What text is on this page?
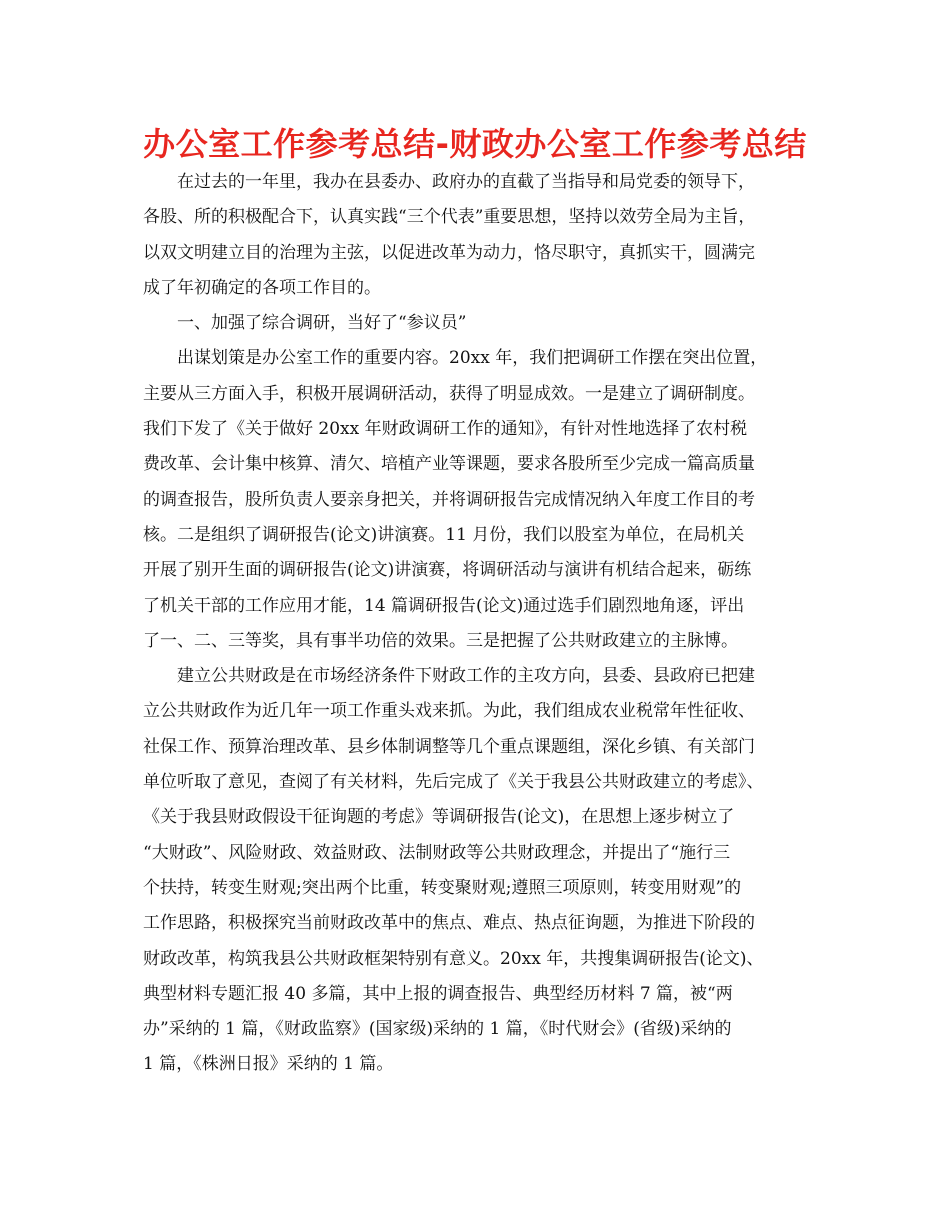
办公室工作参考总结-财政办公室工作参考总结
在过去的一年里，我办在县委办、政府办的直截了当指导和局党委的领导下，
各股、所的积极配合下，认真实践“三个代表”重要思想，坚持以效劳全局为主旨，
以双文明建立目的治理为主弦，以促进改革为动力，恪尽职守，真抓实干，圆满完
成了年初确定的各项工作目的。
一、加强了综合调研，当好了“参议员”
出谋划策是办公室工作的重要内容。20xx 年，我们把调研工作摆在突出位置，
主要从三方面入手，积极开展调研活动，获得了明显成效。一是建立了调研制度。
我们下发了《关于做好 20xx 年财政调研工作的通知》，有针对性地选择了农村税
费改革、会计集中核算、清欠、培植产业等课题，要求各股所至少完成一篇高质量
的调查报告，股所负责人要亲身把关，并将调研报告完成情况纳入年度工作目的考
核。二是组织了调研报告(论文)讲演赛。11 月份，我们以股室为单位，在局机关
开展了别开生面的调研报告(论文)讲演赛，将调研活动与演讲有机结合起来，砺练
了机关干部的工作应用才能，14 篇调研报告(论文)通过选手们剧烈地角逐，评出
了一、二、三等奖，具有事半功倍的效果。三是把握了公共财政建立的主脉博。
建立公共财政是在市场经济条件下财政工作的主攻方向，县委、县政府已把建
立公共财政作为近几年一项工作重头戏来抓。为此，我们组成农业税常年性征收、
社保工作、预算治理改革、县乡体制调整等几个重点课题组，深化乡镇、有关部门
单位听取了意见，查阅了有关材料，先后完成了《关于我县公共财政建立的考虑》、
《关于我县财政假设干征询题的考虑》等调研报告(论文)，在思想上逐步树立了
“大财政”、风险财政、效益财政、法制财政等公共财政理念，并提出了“施行三
个扶持，转变生财观;突出两个比重，转变聚财观;遵照三项原则，转变用财观”的
工作思路，积极探究当前财政改革中的焦点、难点、热点征询题，为推进下阶段的
财政改革，构筑我县公共财政框架特别有意义。20xx 年，共搜集调研报告(论文)、
典型材料专题汇报 40 多篇，其中上报的调查报告、典型经历材料 7 篇，被“两
办”采纳的 1 篇，《财政监察》(国家级)采纳的 1 篇，《时代财会》(省级)采纳的
1 篇，《株洲日报》采纳的 1 篇。
